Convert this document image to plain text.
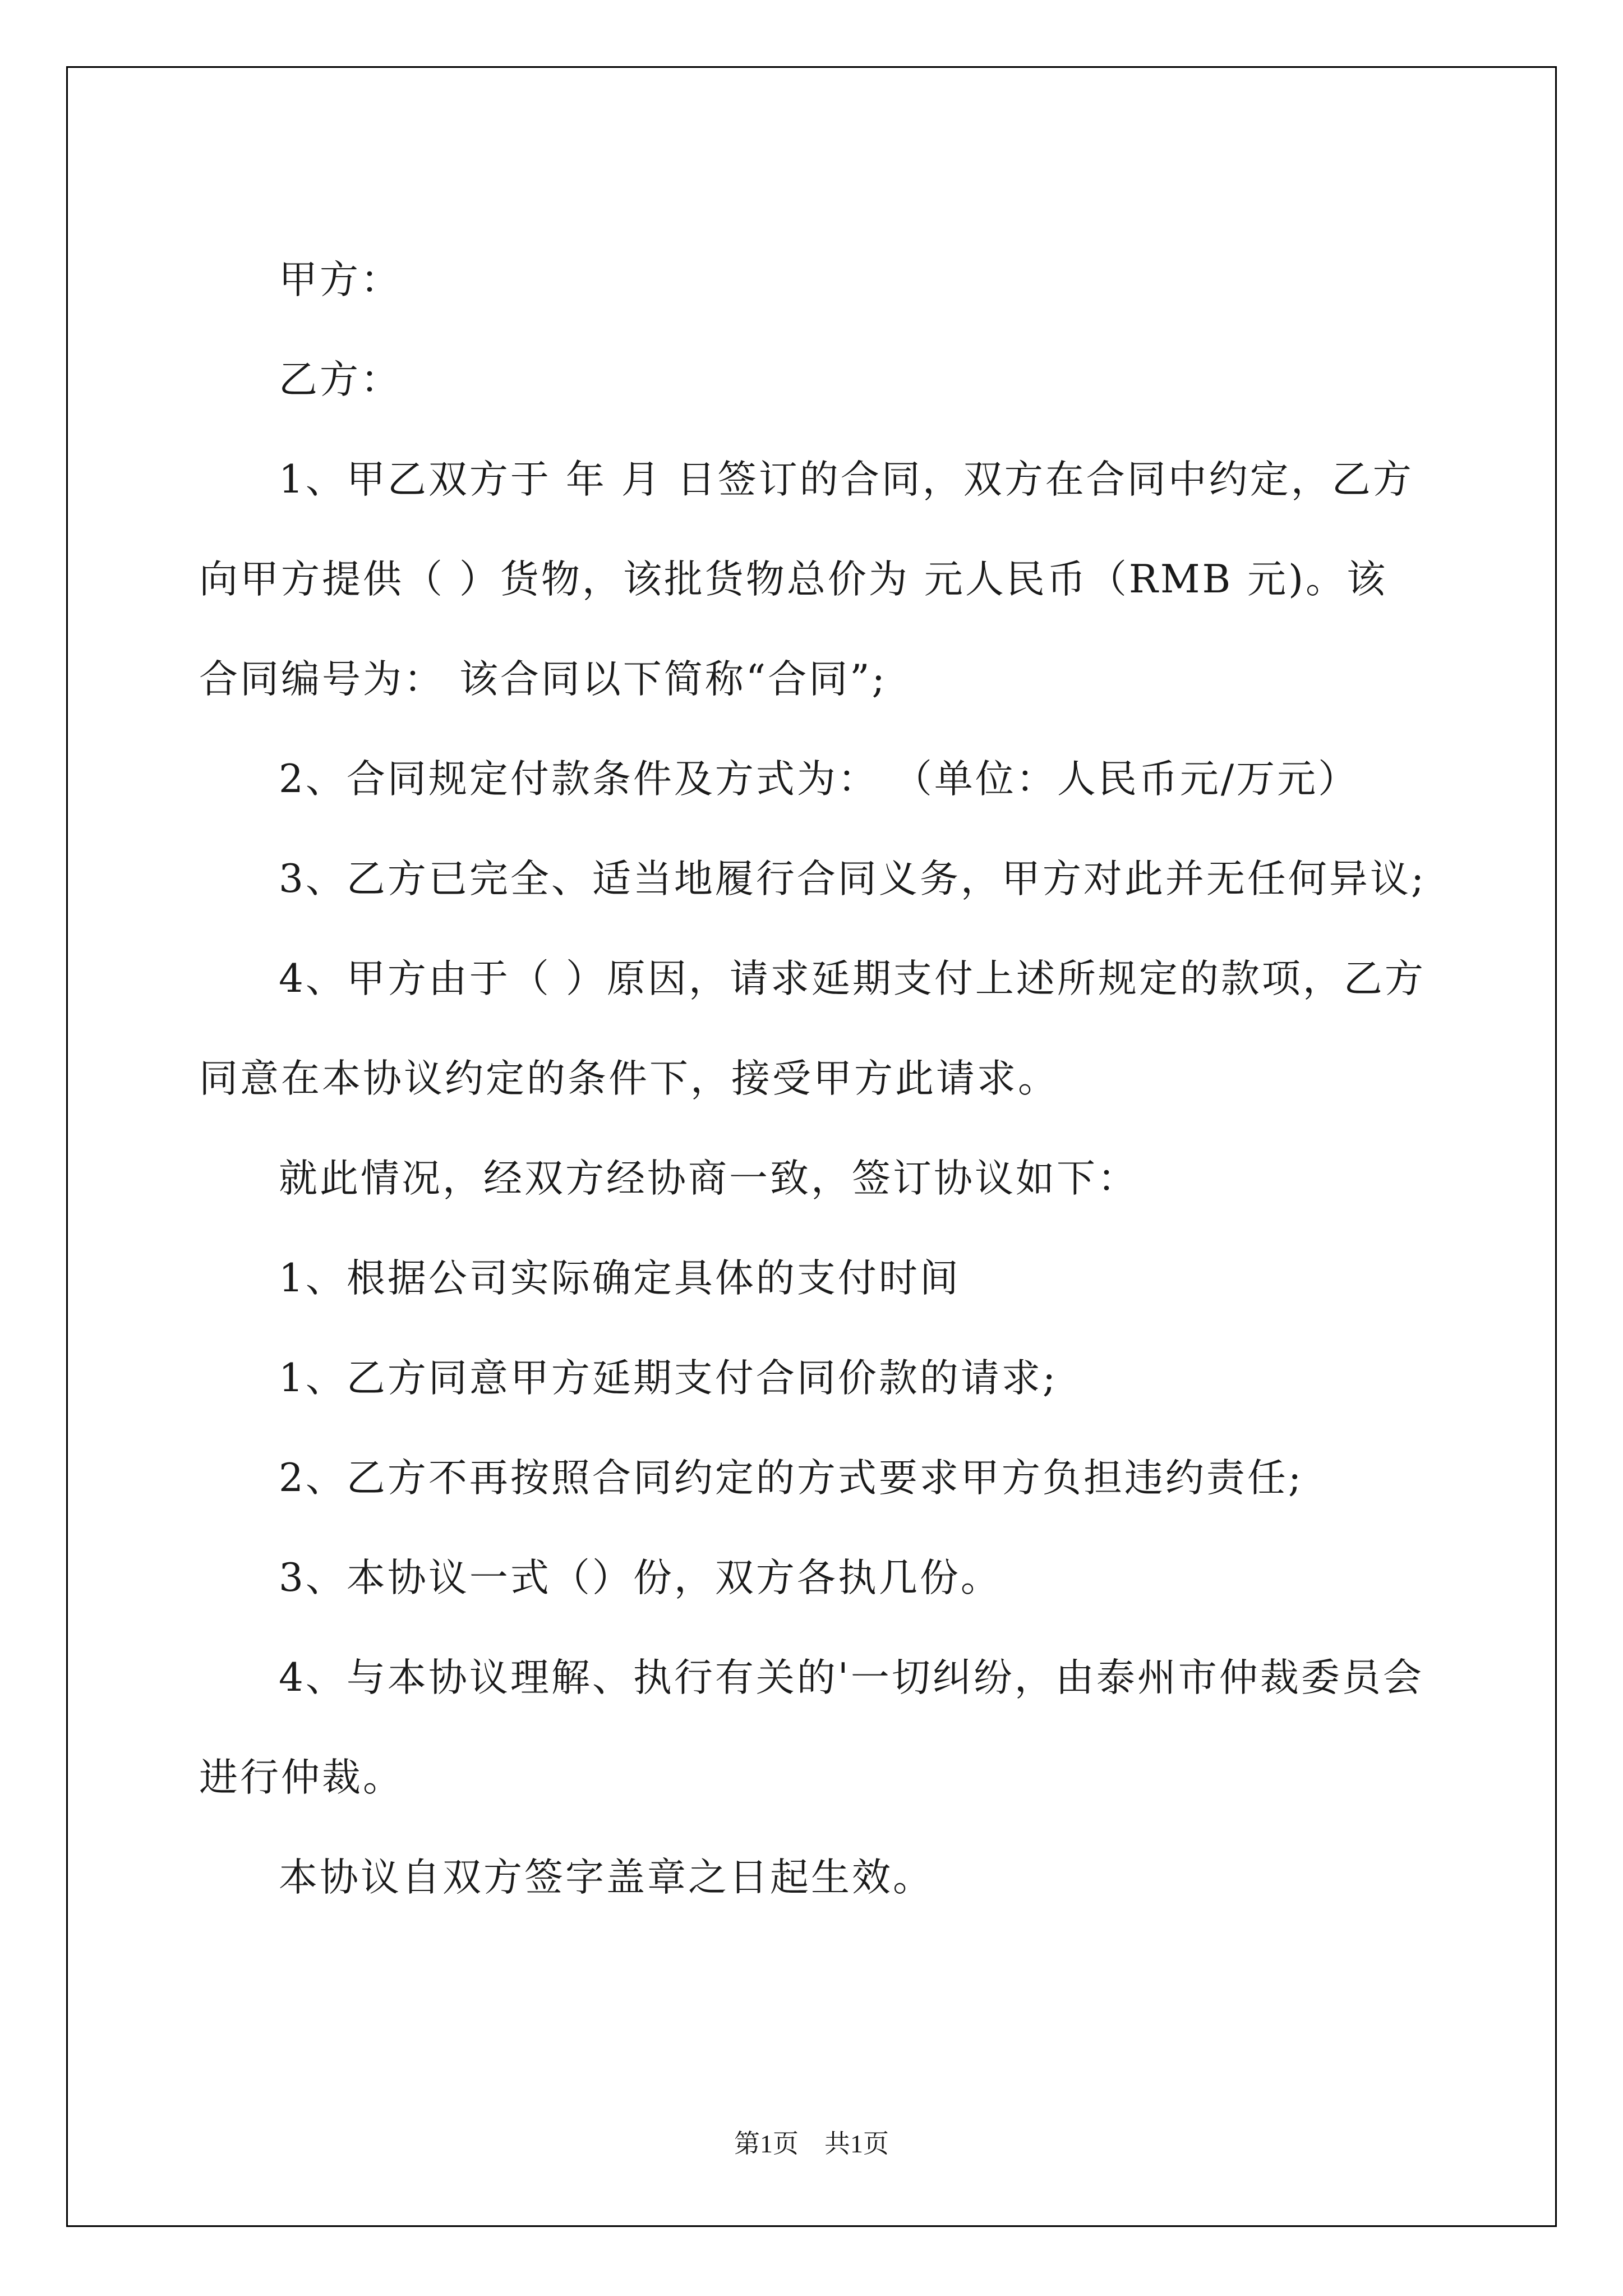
甲方：

乙方：

1、甲乙双方于 年 月 日签订的合同，双方在合同中约定，乙方向甲方提供（ ）货物，该批货物总价为 元人民币（RMB 元)。该合同编号为： 该合同以下简称“合同”;

2、合同规定付款条件及方式为： （单位：人民币元/万元）

3、乙方已完全、适当地履行合同义务，甲方对此并无任何异议;

4、甲方由于（ ）原因，请求延期支付上述所规定的款项，乙方同意在本协议约定的条件下，接受甲方此请求。

就此情况，经双方经协商一致，签订协议如下：

1、根据公司实际确定具体的支付时间

1、乙方同意甲方延期支付合同价款的请求;

2、乙方不再按照合同约定的方式要求甲方负担违约责任;

3、本协议一式（）份，双方各执几份。

4、与本协议理解、执行有关的'一切纠纷，由泰州市仲裁委员会进行仲裁。

本协议自双方签字盖章之日起生效。

第1页　共1页
